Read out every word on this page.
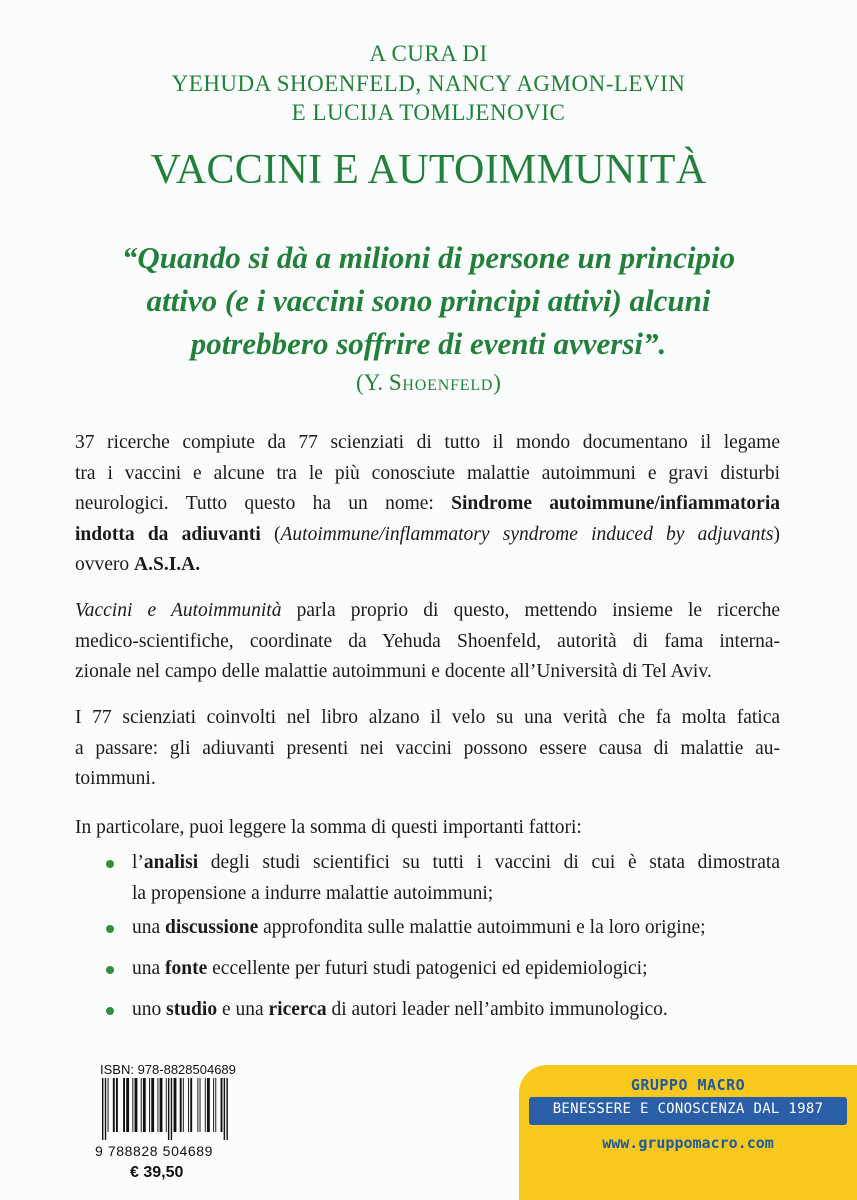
A CURA DI
YEHUDA SHOENFELD, NANCY AGMON-LEVIN
E LUCIJA TOMLJENOVIC
VACCINI E AUTOIMMUNITÀ
“Quando si dà a milioni di persone un principio
attivo (e i vaccini sono principi attivi) alcuni
potrebbero soffrire di eventi avversi”.
(Y. Shoenfeld)
37 ricerche compiute da 77 scienziati di tutto il mondo documentano il legame
tra i vaccini e alcune tra le più conosciute malattie autoimmuni e gravi disturbi
neurologici. Tutto questo ha un nome: Sindrome autoimmune/infiammatoria
indotta da adiuvanti (Autoimmune/inflammatory syndrome induced by adjuvants)
ovvero A.S.I.A.
Vaccini e Autoimmunità parla proprio di questo, mettendo insieme le ricerche
medico-scientifiche, coordinate da Yehuda Shoenfeld, autorità di fama interna-
zionale nel campo delle malattie autoimmuni e docente all’Università di Tel Aviv.
I 77 scienziati coinvolti nel libro alzano il velo su una verità che fa molta fatica
a passare: gli adiuvanti presenti nei vaccini possono essere causa di malattie au-
toimmuni.
In particolare, puoi leggere la somma di questi importanti fattori:
l’analisi degli studi scientifici su tutti i vaccini di cui è stata dimostrata
la propensione a indurre malattie autoimmuni;
una discussione approfondita sulle malattie autoimmuni e la loro origine;
una fonte eccellente per futuri studi patogenici ed epidemiologici;
uno studio e una ricerca di autori leader nell’ambito immunologico.
ISBN: 978-8828504689
9 788828 504689
€ 39,50
GRUPPO MACRO
BENESSERE E CONOSCENZA DAL 1987
www.gruppomacro.com
